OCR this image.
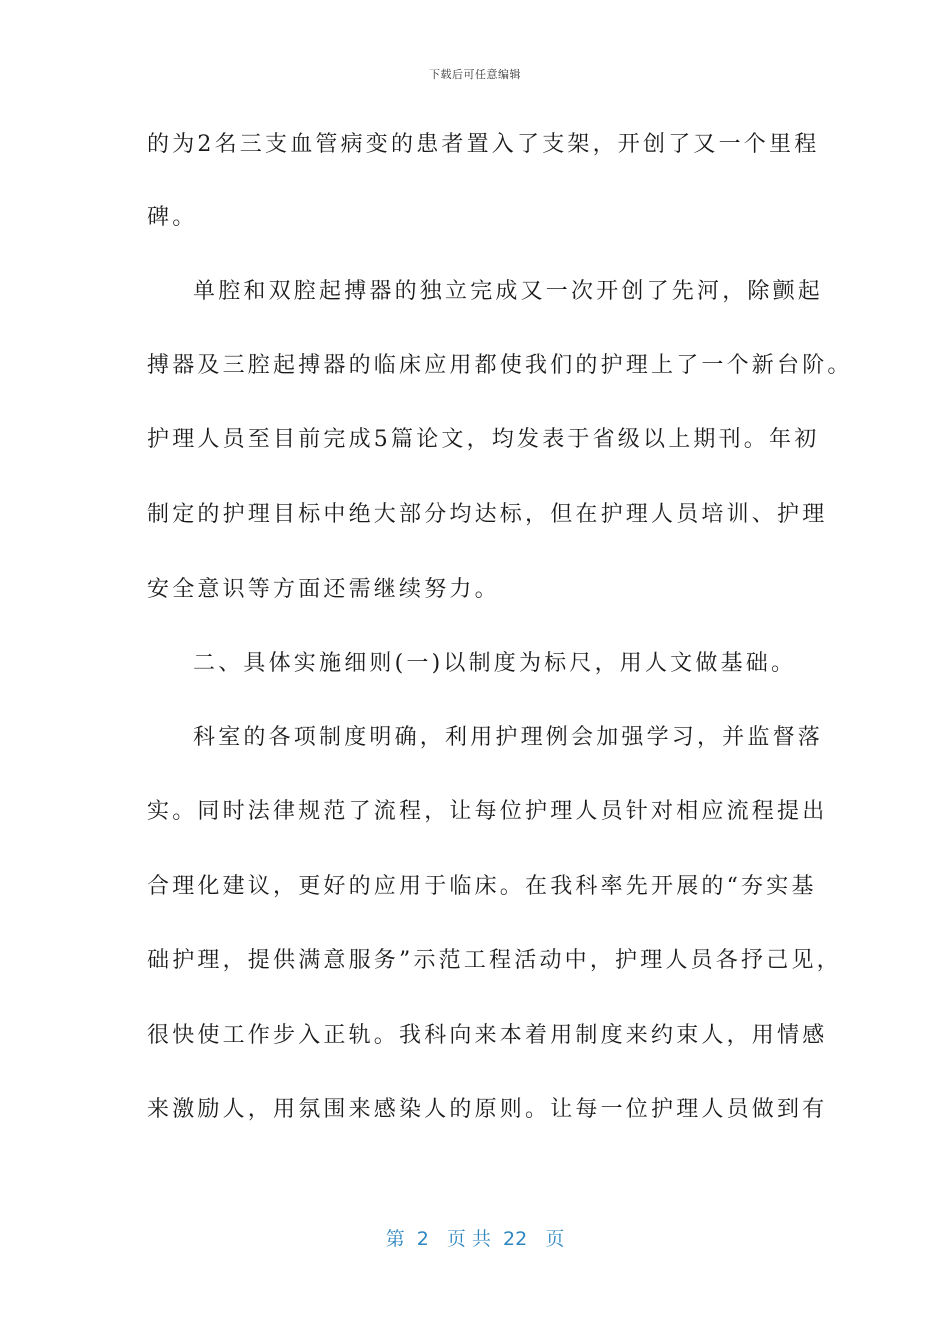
下载后可任意编辑
的为2名三支血管病变的患者置入了支架，开创了又一个里程
碑。
单腔和双腔起搏器的独立完成又一次开创了先河，除颤起
搏器及三腔起搏器的临床应用都使我们的护理上了一个新台阶。
护理人员至目前完成5篇论文，均发表于省级以上期刊。年初
制定的护理目标中绝大部分均达标，但在护理人员培训、护理
安全意识等方面还需继续努力。
二、具体实施细则(一)以制度为标尺，用人文做基础。
科室的各项制度明确，利用护理例会加强学习，并监督落
实。同时法律规范了流程，让每位护理人员针对相应流程提出
合理化建议，更好的应用于临床。在我科率先开展的“夯实基
础护理，提供满意服务”示范工程活动中，护理人员各抒己见，
很快使工作步入正轨。我科向来本着用制度来约束人，用情感
来激励人，用氛围来感染人的原则。让每一位护理人员做到有
第  2   页 共  22   页
